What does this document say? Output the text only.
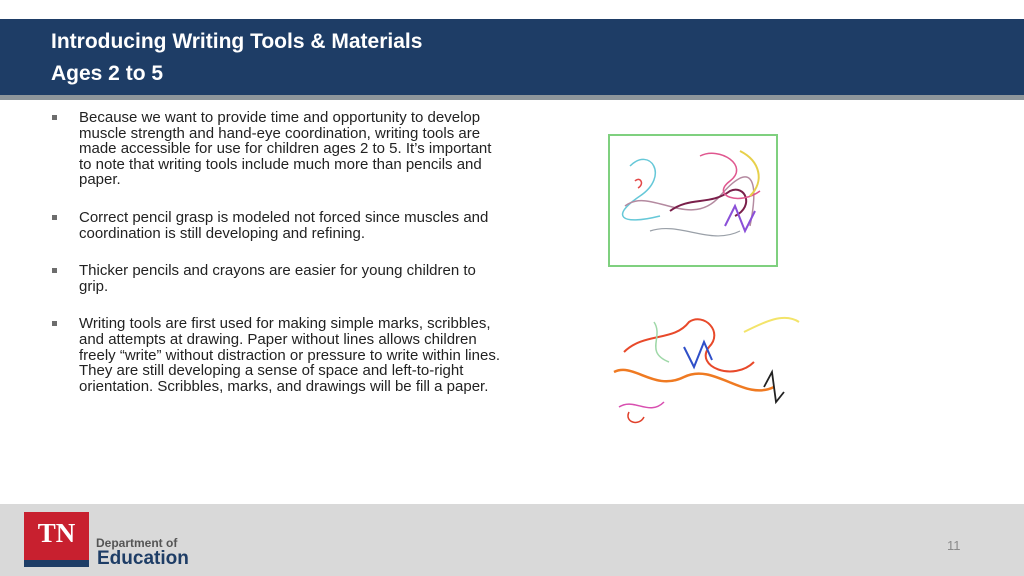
Introducing Writing Tools & Materials
Ages 2 to 5
Because we want to provide time and opportunity to develop muscle strength and hand-eye coordination, writing tools are made accessible for use for children ages 2 to 5. It’s important to note that writing tools include much more than pencils and paper.
Correct pencil grasp is modeled not forced since muscles and coordination is still developing and refining.
Thicker pencils and crayons are easier for young children to grip.
Writing tools are first used for making simple marks, scribbles, and attempts at drawing. Paper without lines allows children freely “write” without distraction or pressure to write within lines. They are still developing a sense of space and left-to-right orientation. Scribbles, marks, and drawings will be fill a paper.
TN	Department of
Education
11
